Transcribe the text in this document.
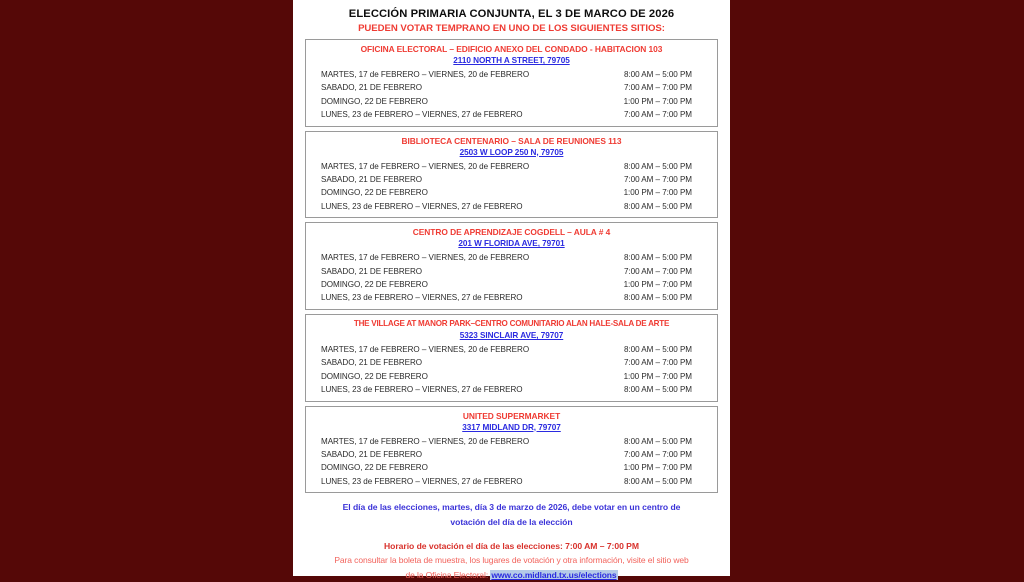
ELECCIÓN PRIMARIA CONJUNTA, EL 3 DE MARCO DE 2026
PUEDEN VOTAR TEMPRANO EN UNO DE LOS SIGUIENTES SITIOS:
OFICINA ELECTORAL – EDIFICIO ANEXO DEL CONDADO - HABITACION 103
2110 NORTH A STREET, 79705
MARTES, 17 de FEBRERO – VIERNES, 20 de FEBRERO	8:00 AM – 5:00 PM
SABADO, 21 DE FEBRERO	7:00 AM – 7:00 PM
DOMINGO, 22 DE FEBRERO	1:00 PM – 7:00 PM
LUNES, 23 de FEBRERO – VIERNES, 27 de FEBRERO	7:00 AM – 7:00 PM
BIBLIOTECA CENTENARIO – SALA DE REUNIONES 113
2503 W LOOP 250 N, 79705
MARTES, 17 de FEBRERO – VIERNES, 20 de FEBRERO	8:00 AM – 5:00 PM
SABADO, 21 DE FEBRERO	7:00 AM – 7:00 PM
DOMINGO, 22 DE FEBRERO	1:00 PM – 7:00 PM
LUNES, 23 de FEBRERO – VIERNES, 27 de FEBRERO	8:00 AM – 5:00 PM
CENTRO DE APRENDIZAJE COGDELL – AULA # 4
201 W FLORIDA AVE, 79701
MARTES, 17 de FEBRERO – VIERNES, 20 de FEBRERO	8:00 AM – 5:00 PM
SABADO, 21 DE FEBRERO	7:00 AM – 7:00 PM
DOMINGO, 22 DE FEBRERO	1:00 PM – 7:00 PM
LUNES, 23 de FEBRERO – VIERNES, 27 de FEBRERO	8:00 AM – 5:00 PM
THE VILLAGE AT MANOR PARK–CENTRO COMUNITARIO ALAN HALE-SALA DE ARTE
5323 SINCLAIR AVE, 79707
MARTES, 17 de FEBRERO – VIERNES, 20 de FEBRERO	8:00 AM – 5:00 PM
SABADO, 21 DE FEBRERO	7:00 AM – 7:00 PM
DOMINGO, 22 DE FEBRERO	1:00 PM – 7:00 PM
LUNES, 23 de FEBRERO – VIERNES, 27 de FEBRERO	8:00 AM – 5:00 PM
UNITED SUPERMARKET
3317 MIDLAND DR, 79707
MARTES, 17 de FEBRERO – VIERNES, 20 de FEBRERO	8:00 AM – 5:00 PM
SABADO, 21 DE FEBRERO	7:00 AM – 7:00 PM
DOMINGO, 22 DE FEBRERO	1:00 PM – 7:00 PM
LUNES, 23 de FEBRERO – VIERNES, 27 de FEBRERO	8:00 AM – 5:00 PM
El día de las elecciones, martes, día 3 de marzo de 2026, debe votar en un centro de
votación del día de la elección
Horario de votación el día de las elecciones: 7:00 AM – 7:00 PM
Para consultar la boleta de muestra, los lugares de votación y otra información, visite el sitio web
de la Oficina Electoral: www.co.midland.tx.us/elections
